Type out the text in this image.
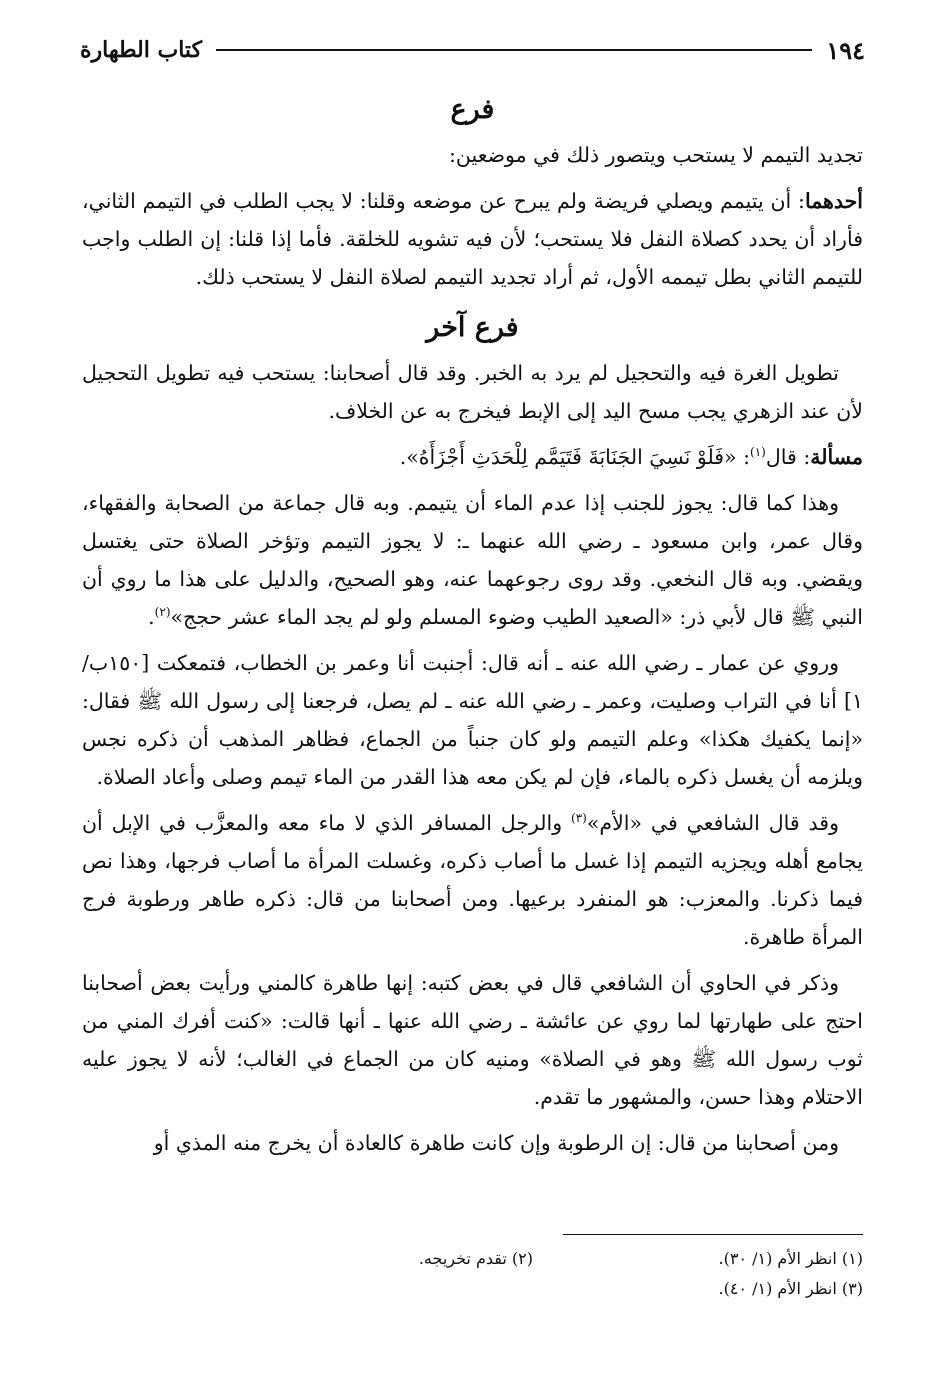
١٩٤
كتاب الطهارة
فرع

تجديد التيمم لا يستحب ويتصور ذلك في موضعين:

أحدهما: أن يتيمم ويصلي فريضة ولم يبرح عن موضعه وقلنا: لا يجب الطلب في التيمم الثاني، فأراد أن يحدد كصلاة النفل فلا يستحب؛ لأن فيه تشويه للخلقة. فأما إذا قلنا: إن الطلب واجب للتيمم الثاني بطل تيممه الأول، ثم أراد تجديد التيمم لصلاة النفل لا يستحب ذلك.

فرع آخر

تطويل الغرة فيه والتحجيل لم يرد به الخبر. وقد قال أصحابنا: يستحب فيه تطويل التحجيل لأن عند الزهري يجب مسح اليد إلى الإبط فيخرج به عن الخلاف.

مسألة: قال$^{(١)}$: «فَلَوْ نَسِيَ الجَنَابَةَ فَتَيَمَّم لِلْحَدَثِ أَجْزَأَهُ».

وهذا كما قال: يجوز للجنب إذا عدم الماء أن يتيمم. وبه قال جماعة من الصحابة والفقهاء، وقال عمر، وابن مسعود ـ رضي الله عنهما ـ: لا يجوز التيمم وتؤخر الصلاة حتى يغتسل ويقضي. وبه قال النخعي. وقد روى رجوعهما عنه، وهو الصحيح، والدليل على هذا ما روي أن النبي ﷺ قال لأبي ذر: «الصعيد الطيب وضوء المسلم ولو لم يجد الماء عشر حجج»$^{(٢)}$.

وروي عن عمار ـ رضي الله عنه ـ أنه قال: أجنبت أنا وعمر بن الخطاب، فتمعكت [١٥٠ب/١] أنا في التراب وصليت، وعمر ـ رضي الله عنه ـ لم يصل، فرجعنا إلى رسول الله ﷺ فقال: «إنما يكفيك هكذا» وعلم التيمم ولو كان جنباً من الجماع، فظاهر المذهب أن ذكره نجس ويلزمه أن يغسل ذكره بالماء، فإن لم يكن معه هذا القدر من الماء تيمم وصلى وأعاد الصلاة.

وقد قال الشافعي في «الأم»$^{(٣)}$ والرجل المسافر الذي لا ماء معه والمعزَّب في الإبل أن يجامع أهله ويجزيه التيمم إذا غسل ما أصاب ذكره، وغسلت المرأة ما أصاب فرجها، وهذا نص فيما ذكرنا. والمعزب: هو المنفرد برعيها. ومن أصحابنا من قال: ذكره طاهر ورطوبة فرج المرأة طاهرة.

وذكر في الحاوي أن الشافعي قال في بعض كتبه: إنها طاهرة كالمني ورأيت بعض أصحابنا احتج على طهارتها لما روي عن عائشة ـ رضي الله عنها ـ أنها قالت: «كنت أفرك المني من ثوب رسول الله ﷺ وهو في الصلاة» ومنيه كان من الجماع في الغالب؛ لأنه لا يجوز عليه الاحتلام وهذا حسن، والمشهور ما تقدم.

ومن أصحابنا من قال: إن الرطوبة وإن كانت طاهرة كالعادة أن يخرج منه المذي أو

(١) انظر الأم (١/ ٣٠).
(٢) تقدم تخريجه.
(٣) انظر الأم (١/ ٤٠).
